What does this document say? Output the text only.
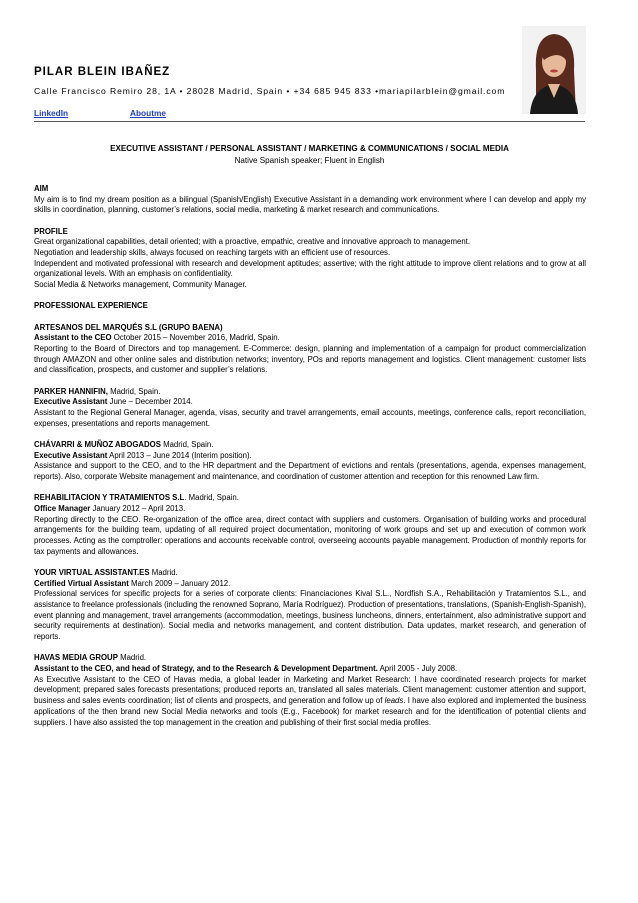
PILAR BLEIN IBAÑEZ
Calle Francisco Remiro 28, 1A • 28028 Madrid, Spain • +34 685 945 833 •mariapilarblein@gmail.com
LinkedIn	Aboutme
EXECUTIVE ASSISTANT / PERSONAL ASSISTANT / MARKETING & COMMUNICATIONS / SOCIAL MEDIA
Native Spanish speaker; Fluent in English

AIM

My aim is to find my dream position as a bilingual (Spanish/English) Executive Assistant in a demanding work environment where I can develop and apply my skills in coordination, planning, customer’s relations, social media, marketing & market research and communications.

PROFILE

Great organizational capabilities, detail oriented; with a proactive, empathic, creative and innovative approach to management.

Negotiation and leadership skills, always focused on reaching targets with an efficient use of resources.

Independent and motivated professional with research and development aptitudes; assertive; with the right attitude to improve client relations and to grow at all organizational levels. With an emphasis on confidentiality.

Social Media & Networks management, Community Manager.

PROFESSIONAL EXPERIENCE

ARTESANOS DEL MARQUÉS S.L (GRUPO BAENA)

Assistant to the CEO October 2015 – November 2016, Madrid, Spain.

Reporting to the Board of Directors and top management. E-Commerce: design, planning and implementation of a campaign for product commercialization through AMAZON and other online sales and distribution networks; inventory, POs and reports management and logistics. Client management: customer lists and classification, prospects, and customer and supplier’s relations.

PARKER HANNIFIN, Madrid, Spain.

Executive Assistant June – December 2014.

Assistant to the Regional General Manager, agenda, visas, security and travel arrangements, email accounts, meetings, conference calls, report reconciliation, expenses, presentations and reports management.

CHÁVARRI & MUÑOZ ABOGADOS Madrid, Spain.

Executive Assistant April 2013 – June 2014 (Interim position).

Assistance and support to the CEO, and to the HR department and the Department of evictions and rentals (presentations, agenda, expenses management, reports). Also, corporate Website management and maintenance, and coordination of customer attention and reception for this renowned Law firm.

REHABILITACION Y TRATAMIENTOS S.L. Madrid, Spain.

Office Manager January 2012 – April 2013.

Reporting directly to the CEO. Re-organization of the office area, direct contact with suppliers and customers. Organisation of building works and procedural arrangements for the building team, updating of all required project documentation, monitoring of work groups and set up and execution of common work processes. Acting as the comptroller: operations and accounts receivable control, overseeing accounts payable management. Production of monthly reports for tax payments and allowances.

YOUR VIRTUAL ASSISTANT.ES Madrid.

Certified Virtual Assistant March 2009 – January 2012.

Professional services for specific projects for a series of corporate clients: Financiaciones Kival S.L., Nordfish S.A., Rehabilitación y Tratamientos S.L., and assistance to freelance professionals (including the renowned Soprano, María Rodríguez). Production of presentations, translations, (Spanish-English-Spanish), event planning and management, travel arrangements (accommodation, meetings, business luncheons, dinners, entertainment, also administrative support and security requirements at destination). Social media and networks management, and content distribution. Data updates, market research, and generation of reports.

HAVAS MEDIA GROUP Madrid.

Assistant to the CEO, and head of Strategy, and to the Research & Development Department. April 2005 - July 2008.

As Executive Assistant to the CEO of Havas media, a global leader in Marketing and Market Research: I have coordinated research projects for market development; prepared sales forecasts presentations; produced reports an, translated all sales materials. Client management: customer attention and support, business and sales events coordination; list of clients and prospects, and generation and follow up of leads. I have also explored and implemented the business applications of the then brand new Social Media networks and tools (E.g., Facebook) for market research and for the identification of potential clients and suppliers. I have also assisted the top management in the creation and publishing of their first social media profiles.
